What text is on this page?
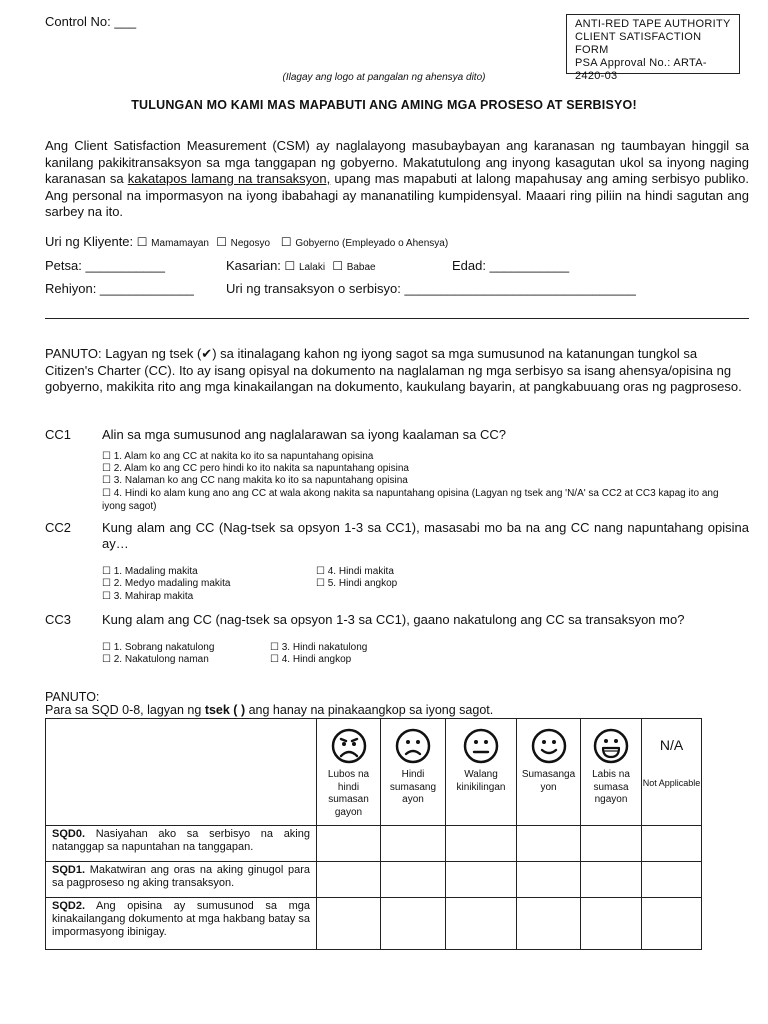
Control No: ___	ANTI-RED TAPE AUTHORITY
CLIENT SATISFACTION
FORM
PSA Approval No.: ARTA-
2420-03
(Ilagay ang logo at pangalan ng ahensya dito)
TULUNGAN MO KAMI MAS MAPABUTI ANG AMING MGA PROSESO AT SERBISYO!
Ang Client Satisfaction Measurement (CSM) ay naglalayong masubaybayan ang karanasan ng taumbayan hinggil sa kanilang pakikitransaksyon sa mga tanggapan ng gobyerno. Makatutulong ang inyong kasagutan ukol sa inyong naging karanasan sa kakatapos lamang na transaksyon, upang mas mapabuti at lalong mapahusay ang aming serbisyo publiko. Ang personal na impormasyon na iyong ibabahagi ay mananatiling kumpidensyal. Maaari ring piliin na hindi sagutan ang sarbey na ito.
Uri ng Kliyente: ☐ Mamamayan ☐ Negosyo ☐ Gobyerno (Empleyado o Ahensya)
Petsa: ___________	Kasarian: ☐ Lalaki ☐ Babae	Edad: ___________
Rehiyon: _____________ Uri ng transaksyon o serbisyo: ________________________________
PANUTO: Lagyan ng tsek (✔) sa itinalagang kahon ng iyong sagot sa mga sumusunod na katanungan tungkol sa Citizen's Charter (CC). Ito ay isang opisyal na dokumento na naglalaman ng mga serbisyo sa isang ahensya/opisina ng gobyerno, makikita rito ang mga kinakailangan na dokumento, kaukulang bayarin, at pangkabuuang oras ng pagproseso.
CC1 Alin sa mga sumusunod ang naglalarawan sa iyong kaalaman sa CC?
☐ 1. Alam ko ang CC at nakita ko ito sa napuntahang opisina
☐ 2. Alam ko ang CC pero hindi ko ito nakita sa napuntahang opisina
☐ 3. Nalaman ko ang CC nang makita ko ito sa napuntahang opisina
☐ 4. Hindi ko alam kung ano ang CC at wala akong nakita sa napuntahang opisina (Lagyan ng tsek ang 'N/A' sa CC2 at CC3 kapag ito ang iyong sagot)
CC2 Kung alam ang CC (Nag-tsek sa opsyon 1-3 sa CC1), masasabi mo ba na ang CC nang napuntahang opisina ay…
☐ 1. Madaling makita
☐ 2. Medyo madaling makita
☐ 3. Mahirap makita
☐ 4. Hindi makita
☐ 5. Hindi angkop
CC3 Kung alam ang CC (nag-tsek sa opsyon 1-3 sa CC1), gaano nakatulong ang CC sa transaksyon mo?
☐ 1. Sobrang nakatulong
☐ 2. Nakatulong naman
☐ 3. Hindi nakatulong
☐ 4. Hindi angkop
PANUTO:
Para sa SQD 0-8, lagyan ng tsek ( ) ang hanay na pinakaangkop sa iyong sagot.

	Lubos na hindi sumasan gayon	Hindi sumasang ayon	Walang kinikilingan	Sumasanga yon	Labis na sumasa ngayon	N/A
Not Applicable

SQD0. Nasiyahan ako sa serbisyo na aking natanggap sa napuntahan na tanggapan.						
SQD1. Makatwiran ang oras na aking ginugol para sa pagproseso ng aking transaksyon.						
SQD2. Ang opisina ay sumusunod sa mga kinakailangang dokumento at mga hakbang batay sa impormasyong ibinigay.						
